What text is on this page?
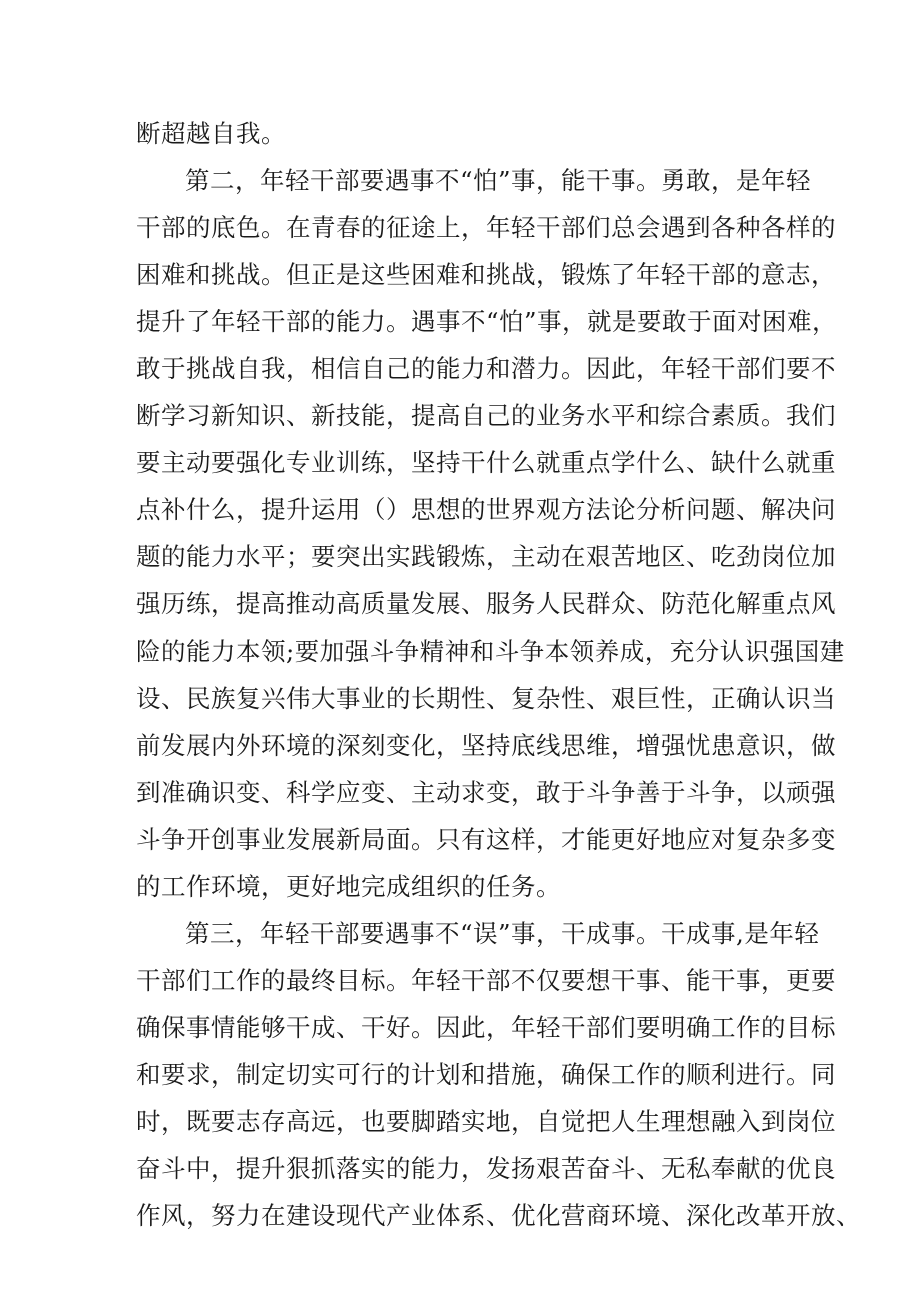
断超越自我。
第二，年轻干部要遇事不“怕”事，能干事。勇敢，是年轻
干部的底色。在青春的征途上，年轻干部们总会遇到各种各样的
困难和挑战。但正是这些困难和挑战，锻炼了年轻干部的意志，
提升了年轻干部的能力。遇事不“怕”事，就是要敢于面对困难，
敢于挑战自我，相信自己的能力和潜力。因此，年轻干部们要不
断学习新知识、新技能，提高自己的业务水平和综合素质。我们
要主动要强化专业训练，坚持干什么就重点学什么、缺什么就重
点补什么，提升运用（）思想的世界观方法论分析问题、解决问
题的能力水平；要突出实践锻炼，主动在艰苦地区、吃劲岗位加
强历练，提高推动高质量发展、服务人民群众、防范化解重点风
险的能力本领;要加强斗争精神和斗争本领养成，充分认识强国建
设、民族复兴伟大事业的长期性、复杂性、艰巨性，正确认识当
前发展内外环境的深刻变化，坚持底线思维，增强忧患意识，做
到准确识变、科学应变、主动求变，敢于斗争善于斗争，以顽强
斗争开创事业发展新局面。只有这样，才能更好地应对复杂多变
的工作环境，更好地完成组织的任务。
第三，年轻干部要遇事不“误”事，干成事。干成事,是年轻
干部们工作的最终目标。年轻干部不仅要想干事、能干事，更要
确保事情能够干成、干好。因此，年轻干部们要明确工作的目标
和要求，制定切实可行的计划和措施，确保工作的顺利进行。同
时，既要志存高远，也要脚踏实地，自觉把人生理想融入到岗位
奋斗中，提升狠抓落实的能力，发扬艰苦奋斗、无私奉献的优良
作风，努力在建设现代产业体系、优化营商环境、深化改革开放、
